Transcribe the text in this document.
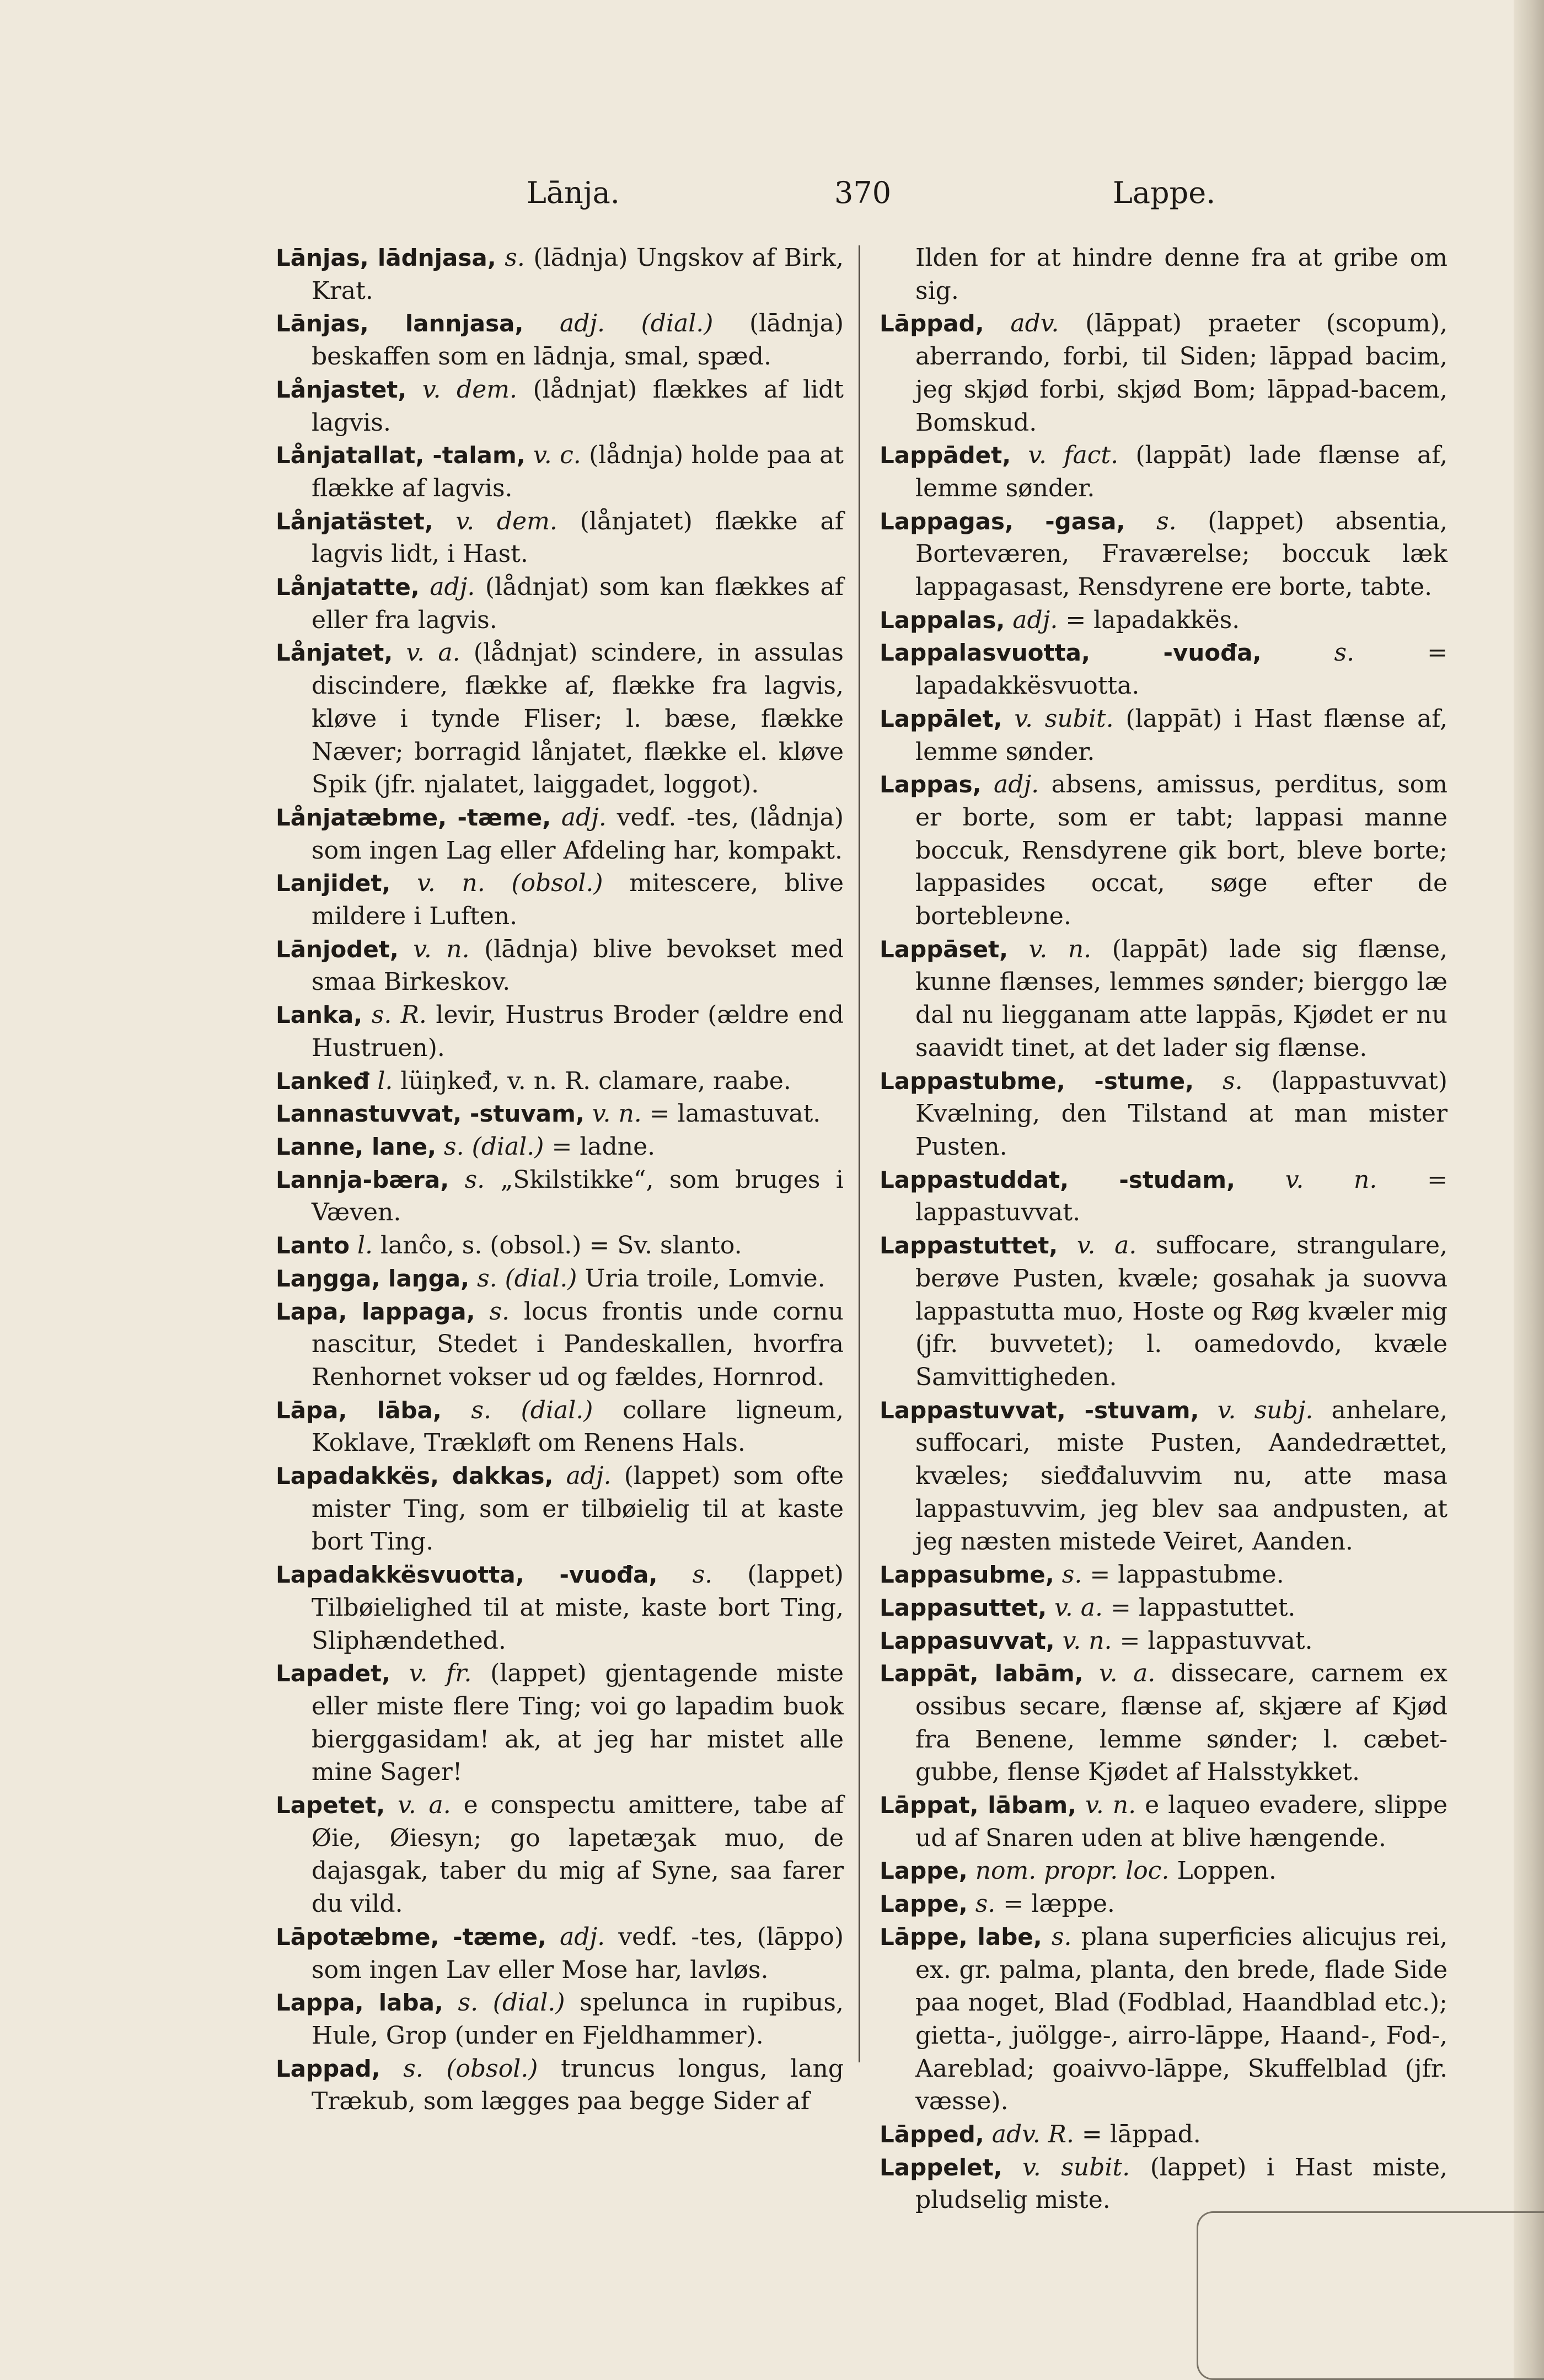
Lānja.	370	Lappe.

Lānjas, lādnjasa, s. (lādnja) Ungskov af Birk, Krat.

Lānjas, lannjasa, adj. (dial.) (lādnja) beskaffen som en lādnja, smal, spæd.

Lånjastet, v. dem. (lådnjat) flækkes af lidt lagvis.

Lånjatallat, -talam, v. c. (lådnja) holde paa at flække af lagvis.

Lånjatästet, v. dem. (lånjatet) flække af lagvis lidt, i Hast.

Lånjatatte, adj. (lådnjat) som kan flækkes af eller fra lagvis.

Lånjatet, v. a. (lådnjat) scindere, in assulas discindere, flække af, flække fra lagvis, kløve i tynde Fliser; l. bæse, flække Næver; borragid lånjatet, flække el. kløve Spik (jfr. njalatet, laiggadet, loggot).

Lånjatæbme, -tæme, adj. vedf. -tes, (lådnja) som ingen Lag eller Afdeling har, kompakt.

Lanjidet, v. n. (obsol.) mitescere, blive mildere i Luften.

Lānjodet, v. n. (lādnja) blive bevokset med smaa Birkeskov.

Lanka, s. R. levir, Hustrus Broder (ældre end Hustruen).

Lankeđ l. lüiŋkeđ, v. n. R. clamare, raabe.

Lannastuvvat, -stuvam, v. n. = lamastuvat.

Lanne, lane, s. (dial.) = ladne.

Lannja-bæra, s. „Skilstikke“, som bruges i Væven.

Lanto l. lanĉo, s. (obsol.) = Sv. slanto.

Laŋgga, laŋga, s. (dial.) Uria troile, Lomvie.

Lapa, lappaga, s. locus frontis unde cornu nascitur, Stedet i Pandeskallen, hvorfra Renhornet vokser ud og fældes, Hornrod.

Lāpa, lāba, s. (dial.) collare ligneum, Koklave, Trækløft om Renens Hals.

Lapadakkës, dakkas, adj. (lappet) som ofte mister Ting, som er tilbøielig til at kaste bort Ting.

Lapadakkësvuotta, -vuođa, s. (lappet) Tilbøielighed til at miste, kaste bort Ting, Sliphændethed.

Lapadet, v. fr. (lappet) gjentagende miste eller miste flere Ting; voi go lapadim buok bierggasidam! ak, at jeg har mistet alle mine Sager!

Lapetet, v. a. e conspectu amittere, tabe af Øie, Øiesyn; go lapetæʒak muo, de dajasgak, taber du mig af Syne, saa farer du vild.

Lāpotæbme, -tæme, adj. vedf. -tes, (lāppo) som ingen Lav eller Mose har, lavløs.

Lappa, laba, s. (dial.) spelunca in rupibus, Hule, Grop (under en Fjeldhammer).

Lappad, s. (obsol.) truncus longus, lang Trækub, som lægges paa begge Sider af

Ilden for at hindre denne fra at gribe om sig.

Lāppad, adv. (lāppat) praeter (scopum), aberrando, forbi, til Siden; lāppad bacim, jeg skjød forbi, skjød Bom; lāppad-bacem, Bomskud.

Lappādet, v. fact. (lappāt) lade flænse af, lemme sønder.

Lappagas, -gasa, s. (lappet) absentia, Borteværen, Fraværelse; boccuk læk lappagasast, Rensdyrene ere borte, tabte.

Lappalas, adj. = lapadakkës.

Lappalasvuotta, -vuođa,	s.	= lapadakkësvuotta.

Lappālet, v. subit. (lappāt) i Hast flænse af, lemme sønder.

Lappas, adj. absens, amissus, perditus, som er borte, som er tabt; lappasi manne boccuk, Rensdyrene gik bort, bleve borte; lappasides occat, søge efter de bortebleνne.

Lappāset, v. n. (lappāt) lade sig flænse, kunne flænses, lemmes sønder; bierggo læ dal nu liegganam atte lappās, Kjødet er nu saavidt tinet, at det lader sig flænse.

Lappastubme, -stume, s. (lappastuvvat) Kvælning, den Tilstand at man mister Pusten.

Lappastuddat, -studam, v. n. = lappastuvvat.

Lappastuttet, v. a. suffocare, strangulare, berøve Pusten, kvæle; gosahak ja suovva lappastutta muo, Hoste og Røg kvæler mig (jfr. buvvetet); l. oamedovdo, kvæle Samvittigheden.

Lappastuvvat, -stuvam, v. subj. anhelare, suffocari, miste Pusten, Aandedrættet, kvæles; sieđđaluvvim nu, atte masa lappastuvvim, jeg blev saa andpusten, at jeg næsten mistede Veiret, Aanden.

Lappasubme, s. = lappastubme.

Lappasuttet, v. a. = lappastuttet.

Lappasuvvat, v. n. = lappastuvvat.

Lappāt, labām, v. a. dissecare, carnem ex ossibus secare, flænse af, skjære af Kjød fra Benene, lemme sønder; l. cæbet-gubbe, flense Kjødet af Halsstykket.

Lāppat, lābam, v. n. e laqueo evadere, slippe ud af Snaren uden at blive hængende.

Lappe, nom. propr. loc. Loppen.

Lappe, s. = læppe.

Lāppe, labe, s. plana superficies alicujus rei, ex. gr. palma, planta, den brede, flade Side paa noget, Blad (Fodblad, Haandblad etc.); gietta-, juölgge-, airro-lāppe, Haand-, Fod-, Aareblad; goaivvo-lāppe, Skuffelblad (jfr. væsse).

Lāpped, adv. R. = lāppad.

Lappelet, v. subit. (lappet) i Hast miste, pludselig miste.
